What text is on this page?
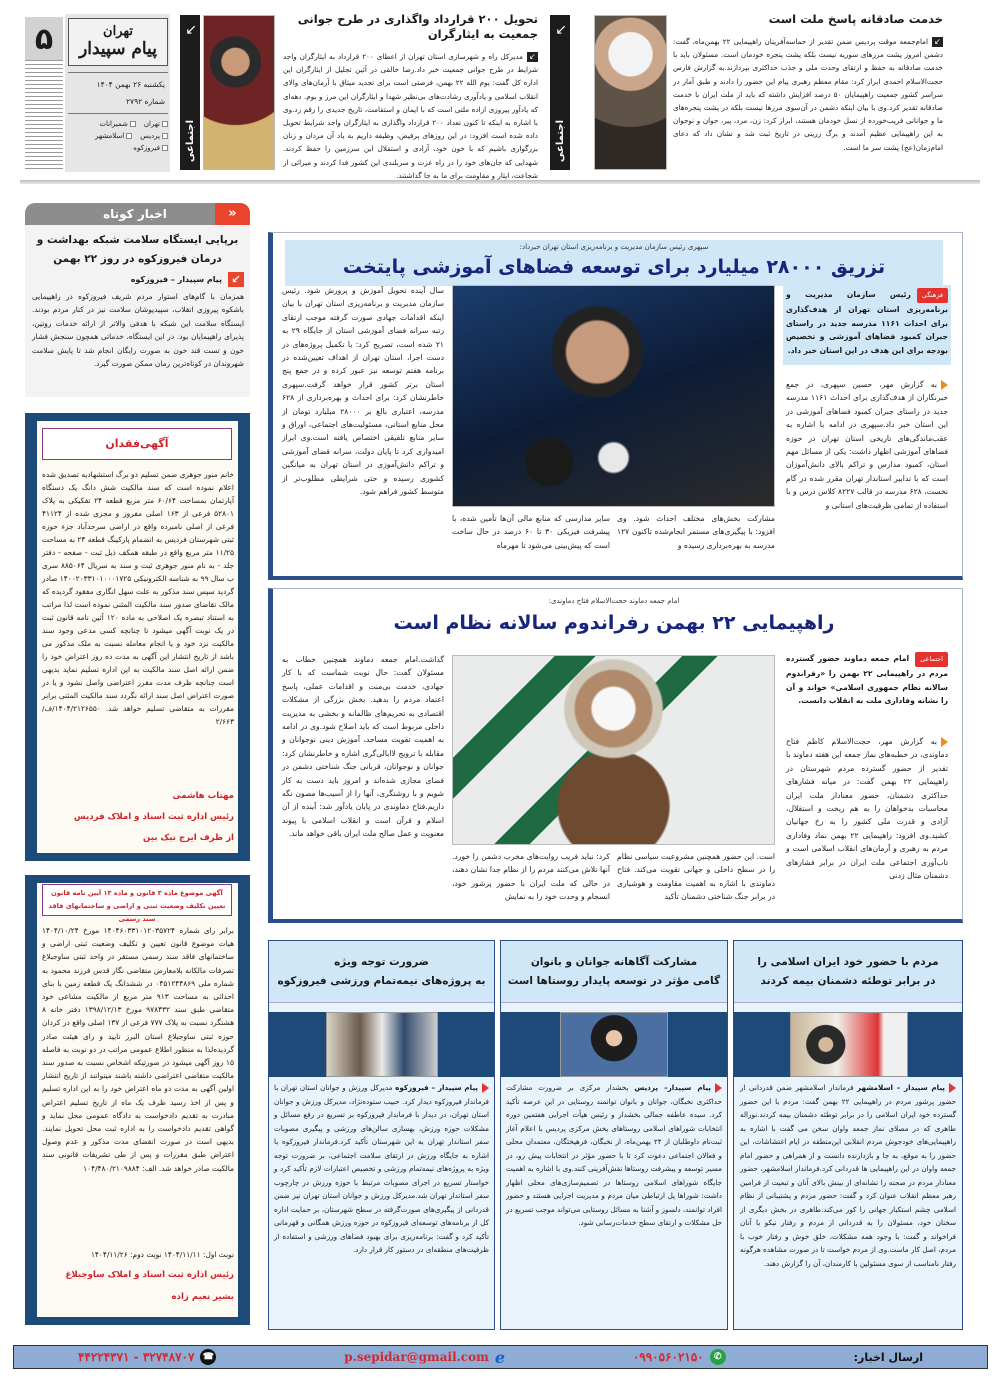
تهران
پیام سپیدار
۵
یکشنبه ۲۶ بهمن ۱۴۰۴
شماره ۲۷۹۲
تهران
شمیرانات
پردیس
اسلامشهر
فیروزکوه
↙
اجتماعی
تحویل ۲۰۰ قرارداد واگذاری در طرح جوانی جمعیت به ایثارگران
↙مدیرکل راه و شهرسازی استان تهران از اعطای ۲۰۰ قرارداد به ایثارگران واجد شرایط در طرح جوانی جمعیت خبر داد.رضا خالقی در آئین تجلیل از ایثارگران این اداره کل گفت: یوم الله ۲۲ بهمن، فرصتی است برای تجدید میثاق با آرمان‌های والای انقلاب اسلامی و یادآوری رشادت‌های بی‌نظیر شهدا و ایثارگران این مرز و بوم. دهه‌ای که یادآور پیروزی اراده ملتی است که با ایمان و استقامت، تاریخ جدیدی را رقم زد.وی با اشاره به اینکه تا کنون تعداد ۲۰۰ قرارداد واگذاری به ایثارگران واجد شرایط تحویل داده شده است افزود: در این روزهای پرفیض، وظیفه داریم به یاد آن مردان و زنان بزرگواری باشیم که با خون خود، آزادی و استقلال این سرزمین را حفظ کردند. شهدایی که جان‌های خود را در راه عزت و سربلندی این کشور فدا کردند و میراثی از شجاعت، ایثار و مقاومت برای ما به جا گذاشتند.
↙
اجتماعی
خدمت صادقانه پاسخ ملت است
↙امام‌جمعه موقت پردیس ضمن تقدیر از حماسه‌آفرینان راهپیمایی ۲۲ بهمن‌ماه، گفت: دشمن امروز پشت مرزهای سوریه نیست بلکه پشت پنجره خودمان است. مسئولان باید با خدمت صادقانه به حفظ و ارتقای وحدت ملی و جذب حداکثری بپردازند.به گزارش فارس حجت‌الاسلام احمدی ابراز کرد: مقام معظم رهبری پیام این حضور را دادند و طبق آمار در سراسر کشور جمعیت راهپیمایان ۵۰ درصد افزایش داشته که باید از ملت ایران با خدمت صادقانه تقدیر کرد.وی با بیان اینکه دشمن در آن‌سوی مرزها نیست بلکه در پشت پنجره‌های ما و جوانانی فریب‌خورده از نسل خودمان هستند، ابراز کرد: زن، مرد، پیر، جوان و نوجوان به این راهپیمایی عظیم آمدند و برگ زرینی در تاریخ ثبت شد و نشان داد که دعای امام‌زمان(عج) پشت سر ما است.
«
اخبار کوتاه
برپایی ایستگاه سلامت شبکه بهداشت و درمان فیروزکوه در روز ۲۲ بهمن
↙
پیام سپیدار – فیروزکوه
همزمان با گام‌های استوار مردم شریف فیروزکوه در راهپیمایی باشکوه پیروزی انقلاب، سپیدپوشان سلامت نیز در کنار مردم بودند. ایستگاه سلامت این شبکه با هدفی والاتر از ارائه خدمات روتین، پذیرای راهپیمایان بود. در این ایستگاه، خدماتی همچون سنجش فشار خون و تست قند خون به صورت رایگان انجام شد تا پایش سلامت شهروندان در کوتاه‌ترین زمان ممکن صورت گیرد.
آگهی‌فقدان
خانم منور جوهری ضمن تسلیم دو برگ استشهادیه تصدیق شده اعلام نموده است که سند مالکیت شش دانگ یک دستگاه آپارتمان بمساحت ۶۰/۶۴ متر مربع قطعه ۲۴ تفکیکی به پلاک ۵۲۸۰۱ فرعی از ۱۶۳ اصلی مفروز و مجزی شده از ۴۱۱۲۴ فرعی از اصلی نامبرده واقع در اراضی سرحدآباد جزء حوزه ثبتی شهرستان فردیس به انضمام پارکینگ قطعه ۲۴ به مساحت ۱۱/۲۵ متر مربع واقع در طبقه همکف ذیل ثبت - صفحه - دفتر جلد - به نام منور جوهری ثبت و سند به سریال ۸۸۵۰۶۴ سری ب سال ۹۹ به شناسه الکترونیکی ۱۴۰۰۲۰۳۳۱۰۱۰۰۰۱۷۲۵ صادر گردید سپس سند مذکور به علت سهل انگاری مفقود گردیده که مالک تقاضای صدور سند مالکیت المثنی نموده است لذا مراتب به استناد تبصره یک اصلاحی به ماده ۱۲۰ آئین نامه قانون ثبت در یک نوبت آگهی میشود تا چنانچه کسی مدعی وجود سند مالکیت نزد خود و یا انجام معامله نسبت به ملک مذکور می باشد از تاریخ انتشار این آگهی به مدت ده روز اعتراض خود را ضمن ارائه اصل سند مالکیت به این اداره تسلیم نماید بدیهی است چنانچه ظرف مدت مقرر اعتراضی واصل نشود و یا در صورت اعتراض اصل سند ارائه نگردد سند مالکیت المثنی برابر مقررات به متقاضی تسلیم خواهد شد. ۱۴۰۴/۲۱۲۶۵۵۰/ف/۲/۶۶۳
مهتاب هاشمی
رئیس اداره ثبت اسناد و املاک فردیس
از طرف ایرج نیک بین
آگهی موضوع ماده ۳ قانون و ماده ۱۳ آیین نامه قانون تعیین تکلیف وضعیت ثبتی و اراضی و ساختمانهای فاقد سند رسمی
برابر رای شماره ۱۴۰۴۶۰۳۳۱۰۱۲۰۳۵۷۲۴ مورخ ۱۴۰۴/۱۰/۲۴ هیات موضوع قانون تعیین و تکلیف وضعیت ثبتی اراضی و ساختمانهای فاقد سند رسمی مستقر در واحد ثبتی ساوجبلاغ تصرفات مالکانه بلامعارض متقاضی نگار قدس فرزند محمود به شماره ملی ۰۴۵۱۲۴۴۸۶۹ در ششدانگ یک قطعه زمین با بنای احداثی به مساحت ۹۱۳ متر مربع از مالکیت مشاعی خود متقاضی طبق سند ۹۷۸۴۳۲ مورخ ۱۳۹۸/۱۲/۱۳ دفتر خانه ۸ هشتگرد نسبت به پلاک ۷۷۷ فرعی از ۱۳۷ اصلی واقع در کردان حوزه ثبتی ساوجبلاغ استان البرز تایید و رای هیئت صادر گردیده‌لذا به منظور اطلاع عمومی مراتب در دو نوبت به فاصله ۱۵ روز آگهی میشود در صورتیکه اشخاص نسبت به صدور سند مالکیت متقاضی اعتراضی داشته باشند میتوانند از تاریخ انتشار اولین آگهی به مدت دو ماه اعتراض خود را به این اداره تسلیم و پس از اخذ رسید ظرف یک ماه از تاریخ تسلیم اعتراض مبادرت به تقدیم دادخواست به دادگاه عمومی محل نماید و گواهی تقدیم دادخواست را به اداره ثبت محل تحویل نمایند. بدیهی است در صورت انقضای مدت مذکور و عدم وصول اعتراض طبق مقررات و پس از طی تشریفات قانونی سند مالکیت صادر خواهد شد. الف: ۱۰۴/۴۸۰/۲۱۰۹۸۸۴
نوبت اول: ۱۴۰۴/۱۱/۱۱ نوبت دوم: ۱۴۰۴/۱۱/۲۶
رئیس اداره ثبت اسناد و املاک ساوجبلاغ
بشیر نعیم زاده
سپهری رئیس سازمان مدیریت و برنامه‌ریزی استان تهران خبرداد:
تزریق ۲۸۰۰۰ میلیارد برای توسعه فضاهای آموزشی پایتخت
فرهنگیرئیس سازمان مدیریت و برنامه‌ریزی استان تهران از هدف‌گذاری برای احداث ۱۱۶۱ مدرسه جدید در راستای جبران کمبود فضاهای آموزشی و تخصیص بودجه برای این هدف در این استان خبر داد.
به گزارش مهر، حسین سپهری، در جمع خبرنگاران از هدف‌گذاری برای احداث ۱۱۶۱ مدرسه جدید در راستای جبران کمبود فضاهای آموزشی در این استان خبر داد.سپهری در ادامه با اشاره به عقب‌ماندگی‌های تاریخی استان تهران در حوزه فضاهای آموزشی اظهار داشت: یکی از مسائل مهم استان، کمبود مدارس و تراکم بالای دانش‌آموزان است که با تدابیر استاندار تهران مقرر شده در گام نخست، ۶۲۸ مدرسه در قالب ۸۲۲۷ کلاس درس و با استفاده از تمامی ظرفیت‌های استانی و
مشارکت بخش‌های مختلف احداث شود. وی افزود: با پیگیری‌های مستمر انجام‌شده تاکنون ۱۲۷ مدرسه به بهره‌برداری رسیده و
سایر مدارسی که منابع مالی آن‌ها تأمین شده، با پیشرفت فیزیکی ۳۰ تا ۶۰ درصد در حال ساخت است که پیش‌بینی می‌شود تا مهرماه
سال آینده تحویل آموزش و پرورش شود. رئیس سازمان مدیریت و برنامه‌ریزی استان تهران با بیان اینکه اقدامات جهادی صورت گرفته موجب ارتقای رتبه سرانه فضای آموزشی استان از جایگاه ۲۹ به ۲۱ شده است، تصریح کرد: با تکمیل پروژه‌های در دست اجرا، استان تهران از اهداف تعیین‌شده در برنامه هفتم توسعه نیز عبور کرده و در جمع پنج استان برتر کشور قرار خواهد گرفت.سپهری خاطرنشان کرد: برای احداث و بهره‌برداری از ۶۲۸ مدرسه، اعتباری بالغ بر ۲۸۰۰۰ میلیارد تومان از محل منابع استانی، مسئولیت‌های اجتماعی، اوراق و سایر منابع تلفیقی اختصاص یافته است.وی ابراز امیدواری کرد تا پایان دولت، سرانه فضای آموزشی و تراکم دانش‌آموزی در استان تهران به میانگین کشوری رسیده و حتی شرایطی مطلوب‌تر از متوسط کشور فراهم شود.
امام جمعه دماوند حجت‌الاسلام فتاح دماوندی:
راهپیمایی ۲۲ بهمن رفراندوم سالانه نظام است
اجتماعیامام جمعه دماوند حضور گسترده مردم در راهپیمایی ۲۲ بهمن را «رفراندوم سالانه نظام جمهوری اسلامی» خواند و آن را نشانه وفاداری ملت به انقلاب دانست.
به گزارش مهر، حجت‌الاسلام کاظم فتاح دماوندی، در خطبه‌های نماز جمعه این هفته دماوند با تقدیر از حضور گسترده مردم شهرستان در راهپیمایی ۲۲ بهمن گفت: در میانه فشارهای حداکثری دشمنان، حضور معنادار ملت ایران محاسبات بدخواهان را به هم ریخت و استقلال، آزادی و قدرت ملی کشور را به رخ جهانیان کشید.وی افزود: راهپیمایی ۲۲ بهمن نماد وفاداری مردم به رهبری و آرمان‌های انقلاب اسلامی است و تاب‌آوری اجتماعی ملت ایران در برابر فشارهای دشمنان مثال زدنی
است. این حضور همچنین مشروعیت سیاسی نظام را در سطح داخلی و جهانی تقویت می‌کند. فتاح دماوندی با اشاره به اهمیت مقاومت و هوشیاری در برابر جنگ شناختی دشمنان تأکید
کرد: نباید فریب روایت‌های مخرب دشمن را خورد. آنها تلاش می‌کنند مردم را از نظام جدا نشان دهند، در حالی که ملت ایران با حضور پرشور خود، انسجام و وحدت خود را به نمایش
گذاشت.امام جمعه دماوند همچنین خطاب به مسئولان گفت: حال نوبت شماست که با کار جهادی، خدمت بی‌منت و اقدامات عملی، پاسخ اعتماد مردم را بدهید. بخش بزرگی از مشکلات اقتصادی به تحریم‌های ظالمانه و بخشی به مدیریت داخلی مربوط است که باید اصلاح شود.وی در ادامه به اهمیت تقویت مساجد، آموزش دینی نوجوانان و مقابله با ترویج لاابالی‌گری اشاره و خاطرنشان کرد: جوانان و نوجوانان، قربانی جنگ شناختی دشمن در فضای مجازی شده‌اند و امروز باید دست به کار شویم و با روشنگری، آنها را از آسیب‌ها مصون نگه داریم.فتاح دماوندی در پایان یادآور شد: آینده از آن اسلام و قرآن است و انقلاب اسلامی با پیوند معنویت و عمل صالح ملت ایران باقی خواهد ماند.
مردم با حضور خود ایران اسلامی را
در برابر توطئه دشمنان بیمه کردند
پیام سپیدار – اسلامشهر فرماندار اسلامشهر ضمن قدردانی از حضور پرشور مردم در راهپیمایی ۲۲ بهمن گفت: مردم با این حضور گسترده خود ایران اسلامی را در برابر توطئه دشمنان بیمه کردند.نوراله طاهری که در مصلای نماز جمعه واوان سخن می گفت با اشاره به راهپیمایی‌های خودجوش مردم انقلابی این‌منطقه در ایام اغتشاشات، این حضور را به موقع، به جا و بازدارنده دانست و از همراهی و حضور امام جمعه واوان در این راهپیمایی ها قدردانی کرد.فرماندار اسلامشهر، حضور معنادار مردم در صحنه را نشانه‌ای از بینش بالای آنان و تبعیت از فرامین رهبر معظم انقلاب عنوان کرد و گفت: حضور مردم و پشتیبانی از نظام اسلامی چشم استکبار جهانی را کور می‌کند.طاهری در بخش دیگری از سخنان خود، مسئولان را به قدردانی از مردم و رفتار نیکو با آنان فراخواند و گفت: با وجود همه مشکلات، خلق خوش و رفتار خوب با مردم، اصل کار ماست.وی از مردم خواست تا در صورت مشاهده هرگونه رفتار نامناسب از سوی مسئولین یا کارمندان، آن را گزارش دهند.
مشارکت آگاهانه جوانان و بانوان
گامی مؤثر در توسعه پایدار روستاها است
پیام سپیدار– پردیس بخشدار مرکزی بر ضرورت مشارکت حداکثری نخبگان، جوانان و بانوان توانمند روستایی در این عرصه تأکید کرد. سیده عاطفه جمالی بخشدار و رئیس هیأت اجرایی هفتمین دوره انتخابات شوراهای اسلامی روستاهای بخش مرکزی پردیس با اعلام آغاز ثبت‌نام داوطلبان از ۲۴ بهمن‌ماه، از نخبگان، فرهیختگان، معتمدان محلی و فعالان اجتماعی دعوت کرد تا با حضور مؤثر در انتخابات پیش رو، در مسیر توسعه و پیشرفت روستاها نقش‌آفرینی کنند.وی با اشاره به اهمیت جایگاه شوراهای اسلامی روستاها در تصمیم‌سازی‌های محلی اظهار داشت: شوراها پل ارتباطی میان مردم و مدیریت اجرایی هستند و حضور افراد توانمند، دلسوز و آشنا به مسائل روستایی می‌تواند موجب تسریع در حل مشکلات و ارتقای سطح خدمات‌رسانی شود.
ضرورت توجه ویژه
به پروژه‌های نیمه‌تمام ورزشی فیروزکوه
پیام سپیدار – فیروزکوه مدیرکل ورزش و جوانان استان تهران با فرماندار فیروزکوه دیدار کرد. حبیب ستوده‌نژاد، مدیرکل ورزش و جوانان استان تهران، در دیدار با فرماندار فیروزکوه بر تسریع در رفع مسائل و مشکلات حوزه ورزش، بهسازی سالن‌های ورزشی و پیگیری مصوبات سفر استاندار تهران به این شهرستان تأکید کرد.فرماندار فیروزکوه با اشاره به جایگاه ورزش در ارتقای سلامت اجتماعی، بر ضرورت توجه ویژه به پروژه‌های نیمه‌تمام ورزشی و تخصیص اعتبارات لازم تأکید کرد و خواستار تسریع در اجرای مصوبات مرتبط با حوزه ورزش در چارچوب سفر استاندار تهران شد.مدیرکل ورزش و جوانان استان تهران نیز ضمن قدردانی از پیگیری‌های صورت‌گرفته در سطح شهرستان، بر حمایت اداره کل از برنامه‌های توسعه‌ای فیروزکوه در حوزه ورزش همگانی و قهرمانی تأکید کرد و گفت: برنامه‌ریزی برای بهبود فضاهای ورزشی و استفاده از ظرفیت‌های منطقه‌ای در دستور کار قرار دارد.
ارسال اخبار:
✆
۰۹۹۰۵۶۰۲۱۵۰
e
p.sepidar@gmail.com
☎
۳۲۷۴۸۷۰۷ - ۴۴۲۲۴۳۷۱
